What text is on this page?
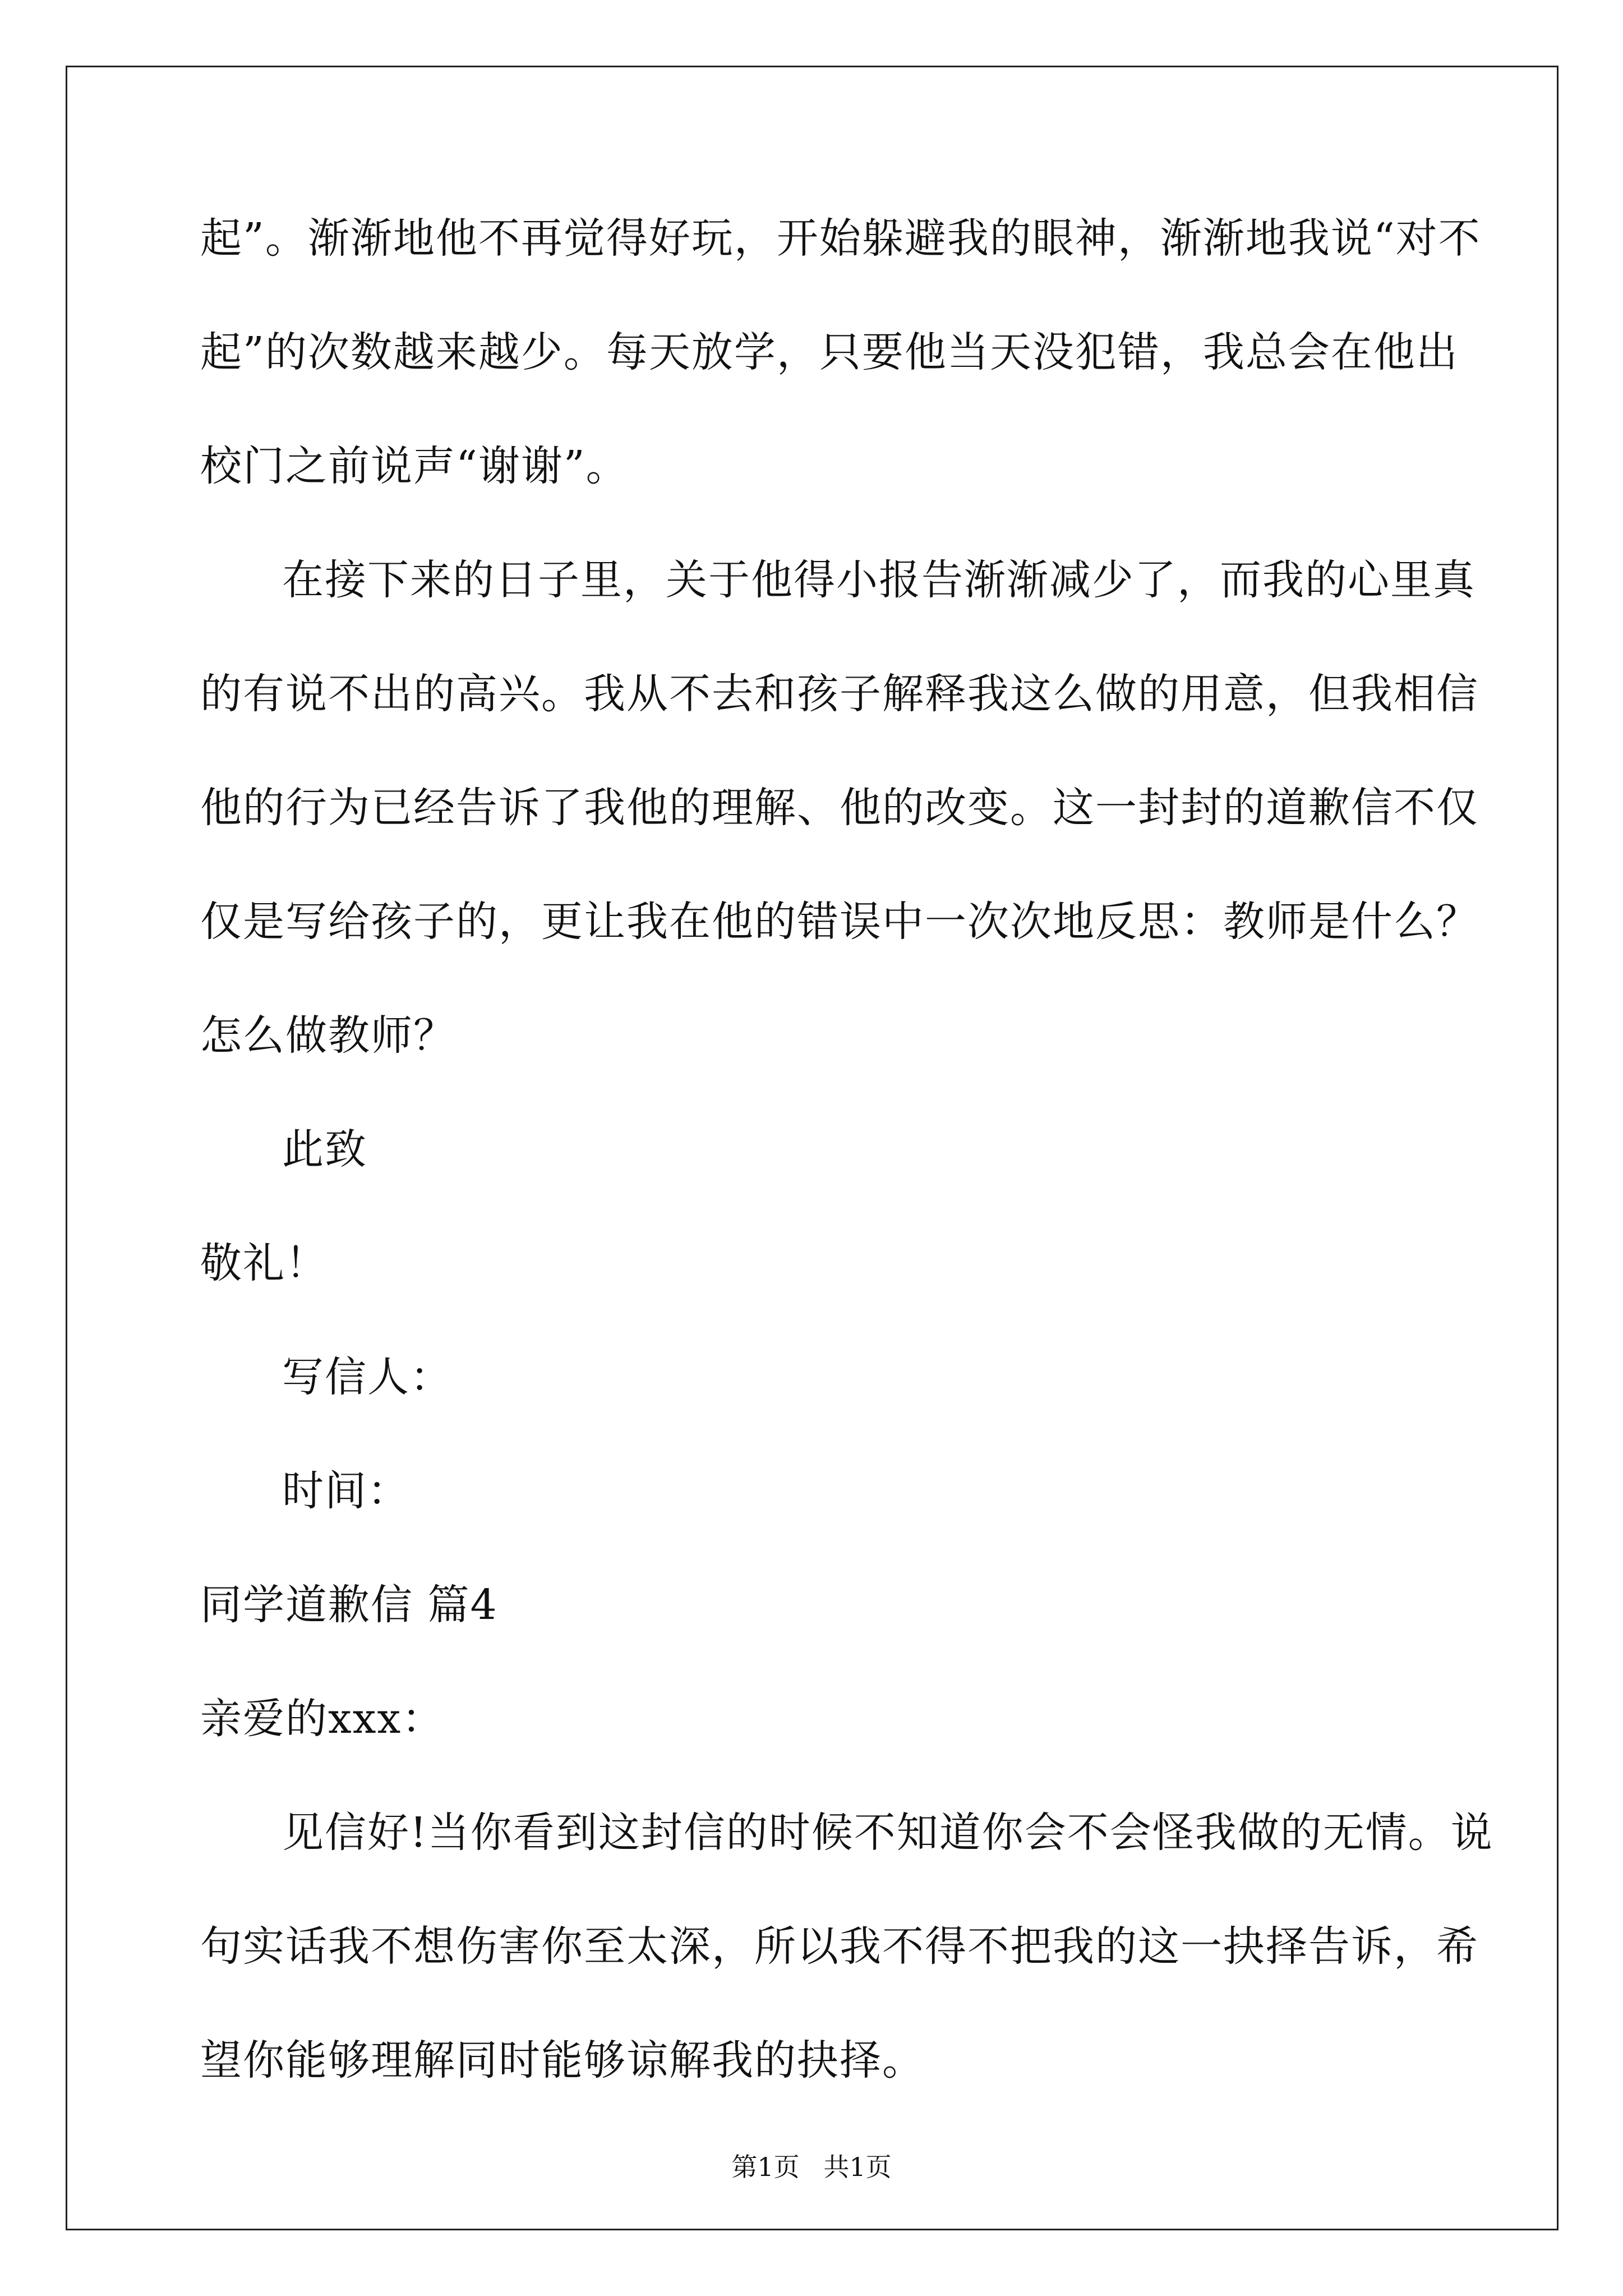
起”。渐渐地他不再觉得好玩，开始躲避我的眼神，渐渐地我说“对不
起”的次数越来越少。每天放学，只要他当天没犯错，我总会在他出
校门之前说声“谢谢”。
在接下来的日子里，关于他得小报告渐渐减少了，而我的心里真
的有说不出的高兴。我从不去和孩子解释我这么做的用意，但我相信
他的行为已经告诉了我他的理解、他的改变。这一封封的道歉信不仅
仅是写给孩子的，更让我在他的错误中一次次地反思：教师是什么？
怎么做教师？
此致
敬礼！
写信人：
时间：
同学道歉信 篇4
亲爱的xxx：
见信好!当你看到这封信的时候不知道你会不会怪我做的无情。说
句实话我不想伤害你至太深，所以我不得不把我的这一抉择告诉，希
望你能够理解同时能够谅解我的抉择。
第1页 共1页
